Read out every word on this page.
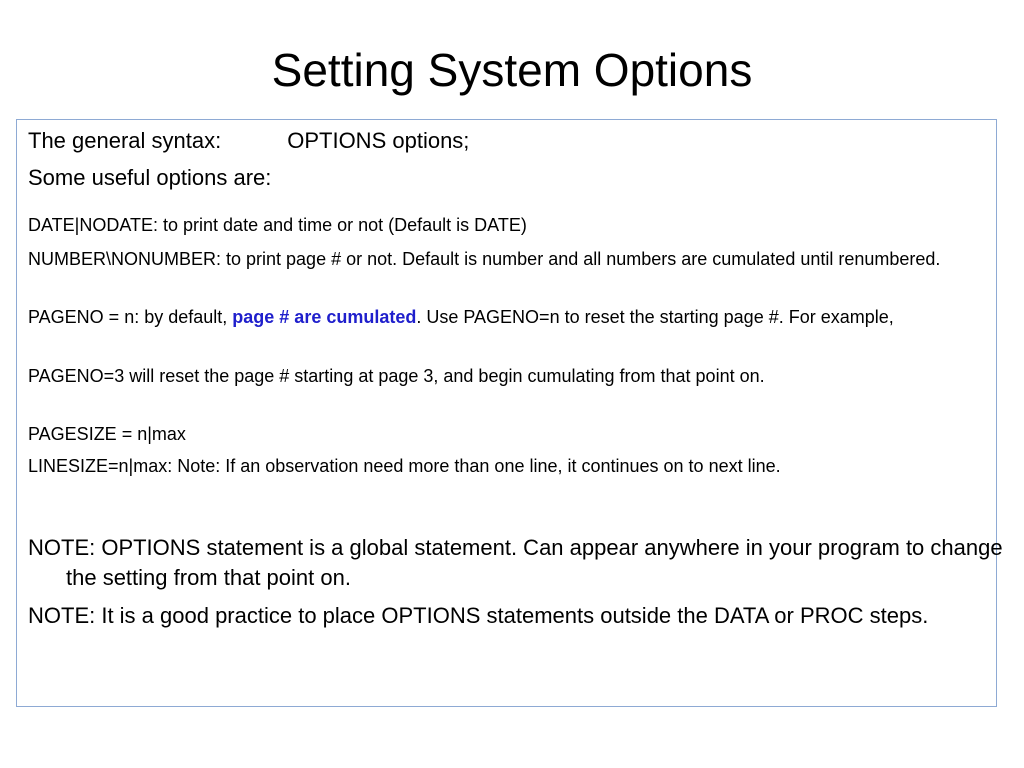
Setting System Options

The general syntax:	OPTIONS options;

Some useful options are:

DATE|NODATE: to print date and time or not (Default is DATE)

NUMBER\NONUMBER: to print page # or not. Default is number and all numbers are cumulated until renumbered.

PAGENO = n: by default, page # are cumulated. Use PAGENO=n to reset the starting page #. For example,

PAGENO=3 will reset the page # starting at page 3, and begin cumulating from that point on.

PAGESIZE = n|max

LINESIZE=n|max: Note: If an observation need more than one line, it continues on to next line.

NOTE: OPTIONS statement is a global statement. Can appear anywhere in your program to change the setting from that point on.

NOTE: It is a good practice to place OPTIONS statements outside the DATA or PROC steps.
